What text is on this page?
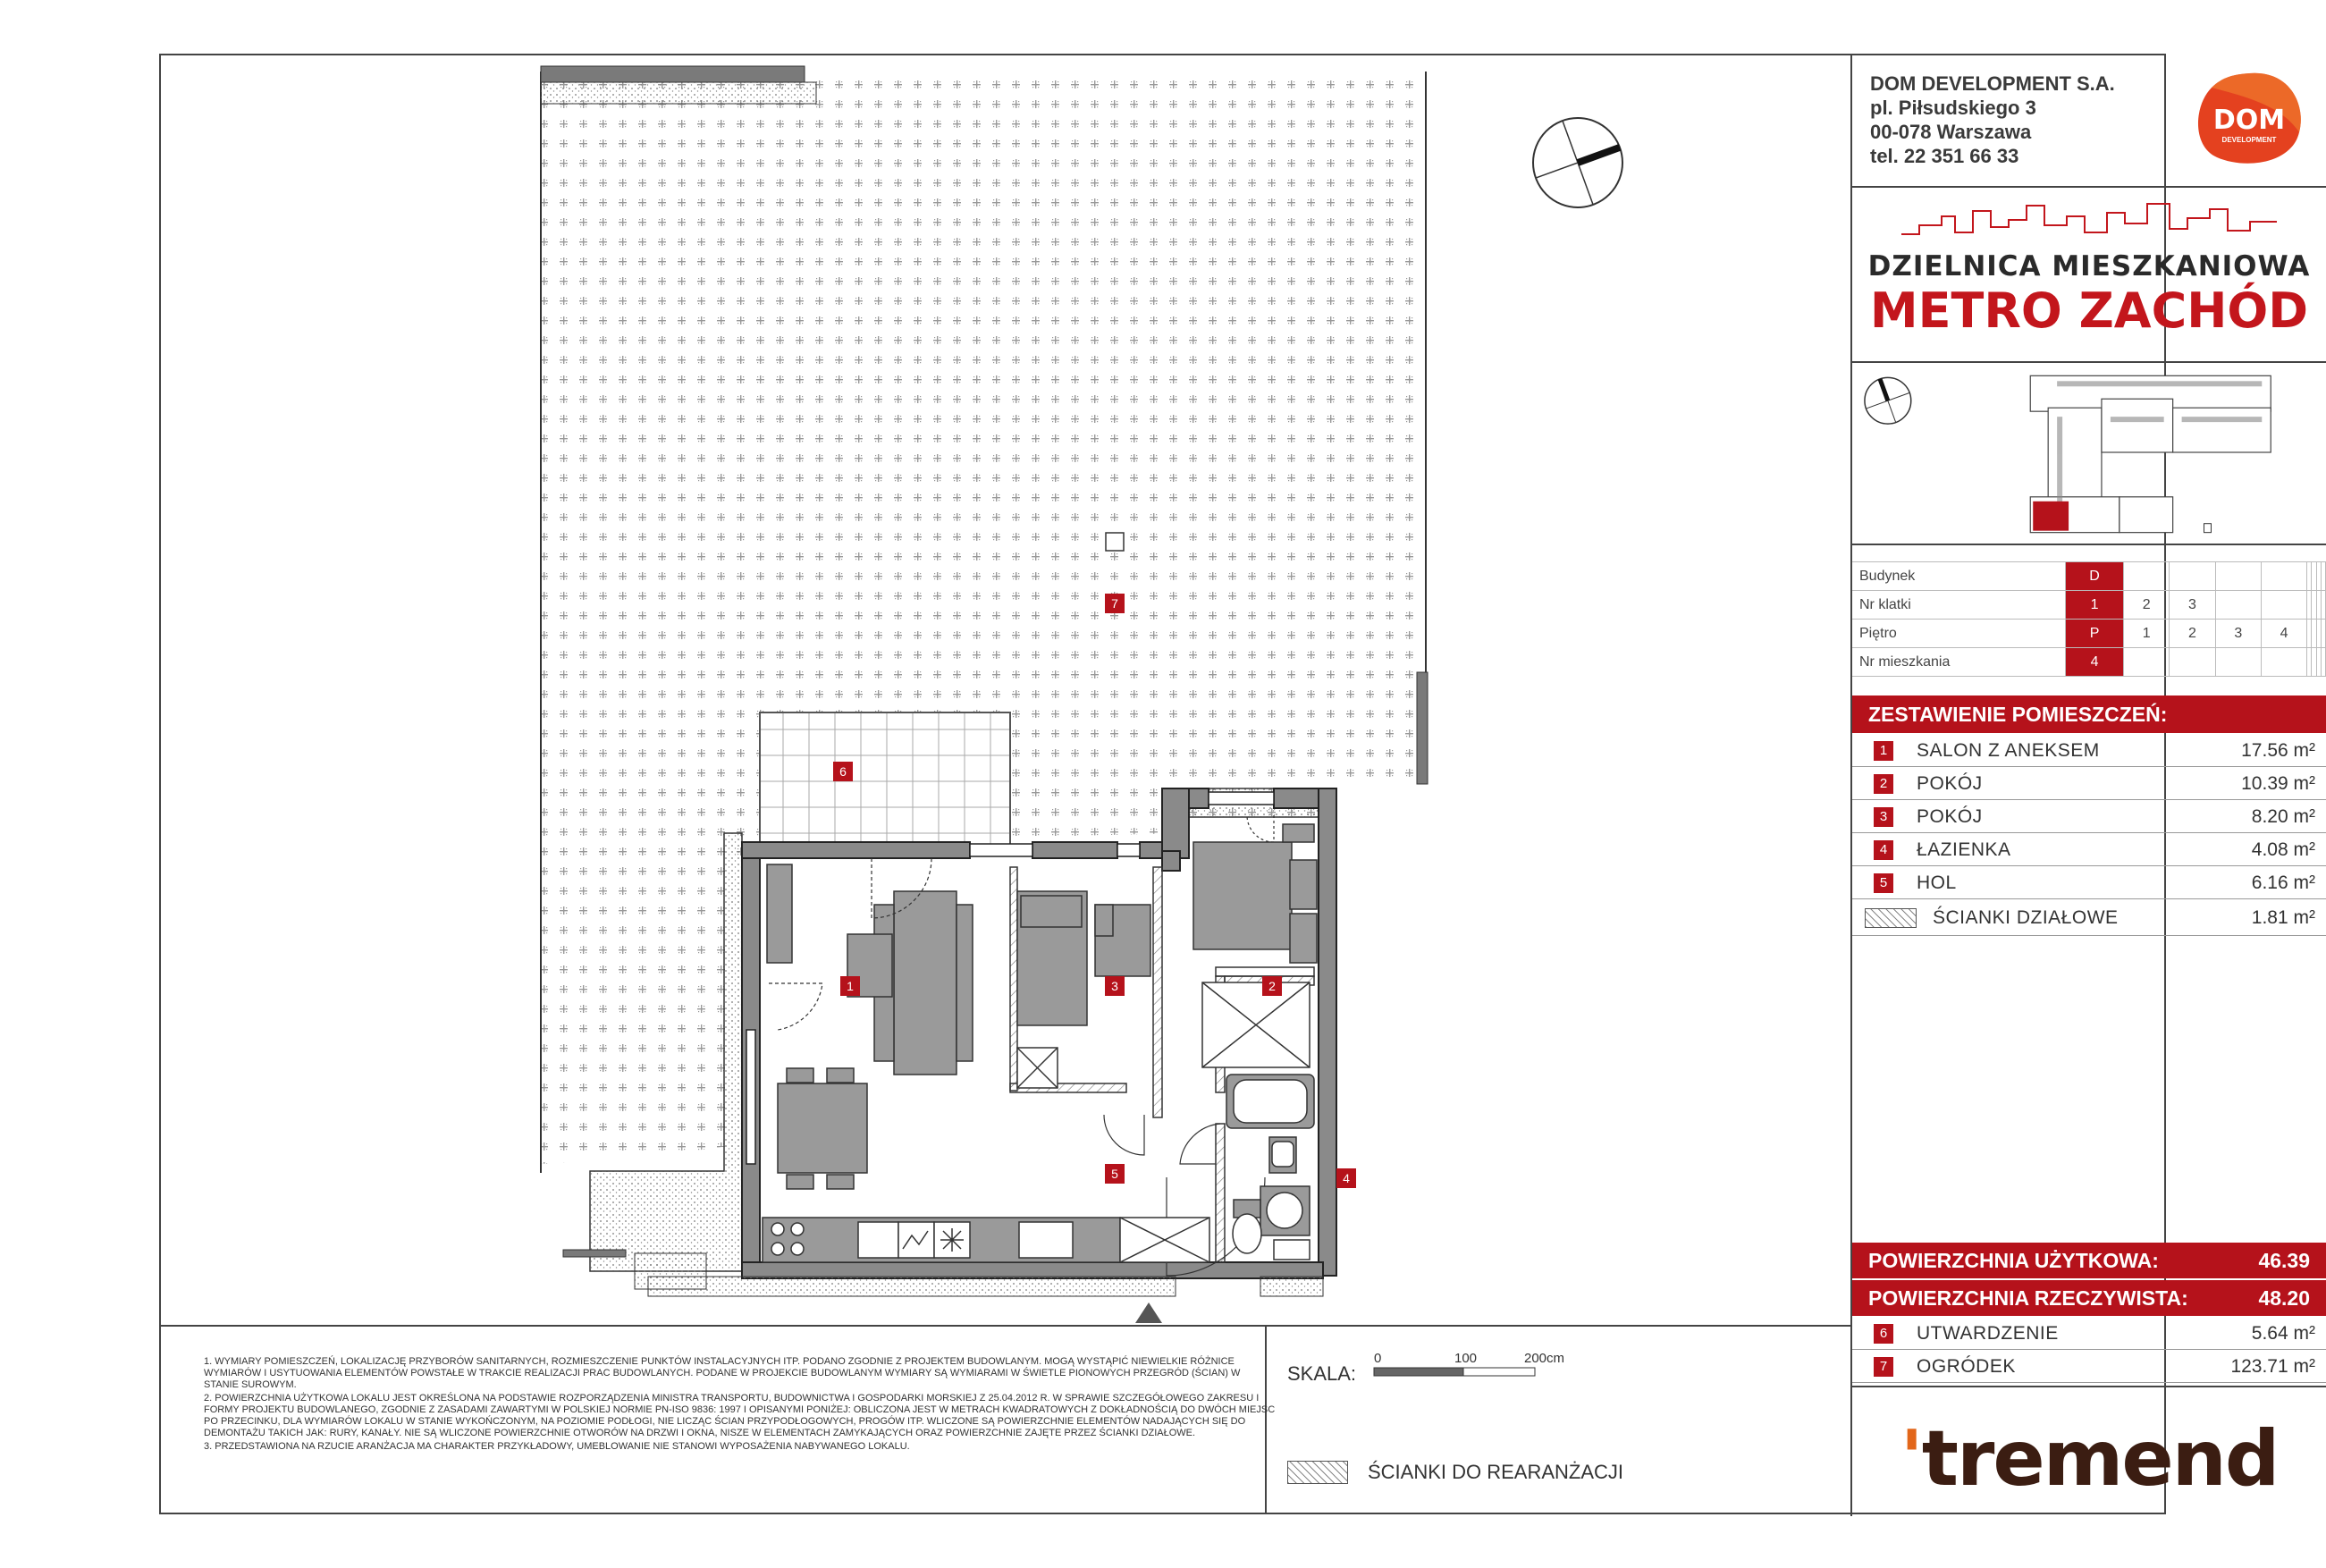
1	2
3
4
5
6
7

1. WYMIARY POMIESZCZEŃ, LOKALIZACJĘ PRZYBORÓW SANITARNYCH, ROZMIESZCZENIE PUNKTÓW INSTALACYJNYCH ITP. PODANO ZGODNIE Z PROJEKTEM BUDOWLANYM. MOGĄ WYSTĄPIĆ NIEWIELKIE RÓŻNICE WYMIARÓW I USYTUOWANIA ELEMENTÓW POWSTAŁE W TRAKCIE REALIZACJI PRAC BUDOWLANYCH. PODANE W PROJEKCIE BUDOWLANYM WYMIARY SĄ WYMIARAMI W ŚWIETLE PIONOWYCH PRZEGRÓD (ŚCIAN) W STANIE SUROWYM.

2. POWIERZCHNIA UŻYTKOWA LOKALU JEST OKREŚLONA NA PODSTAWIE ROZPORZĄDZENIA MINISTRA TRANSPORTU, BUDOWNICTWA I GOSPODARKI MORSKIEJ Z 25.04.2012 R. W SPRAWIE SZCZEGÓŁOWEGO ZAKRESU I FORMY PROJEKTU BUDOWLANEGO, ZGODNIE Z ZASADAMI ZAWARTYMI W POLSKIEJ NORMIE PN-ISO 9836: 1997 I OPISANYMI PONIŻEJ: OBLICZONA JEST W METRACH KWADRATOWYCH Z DOKŁADNOŚCIĄ DO DWÓCH MIEJSC PO PRZECINKU, DLA WYMIARÓW LOKALU W STANIE WYKOŃCZONYM, NA POZIOMIE PODŁOGI, NIE LICZĄC ŚCIAN PRZYPODŁOGOWYCH, PROGÓW ITP. WLICZONE SĄ POWIERZCHNIE ELEMENTÓW NADAJĄCYCH SIĘ DO DEMONTAŻU TAKICH JAK: RURY, KANAŁY. NIE SĄ WLICZONE POWIERZCHNIE OTWORÓW NA DRZWI I OKNA, NISZE W ELEMENTACH ZAMYKAJĄCYCH ORAZ POWIERZCHNIE ZAJĘTE PRZEZ ŚCIANKI DZIAŁOWE.

3. PRZEDSTAWIONA NA RZUCIE ARANŻACJA MA CHARAKTER PRZYKŁADOWY, UMEBLOWANIE NIE STANOWI WYPOSAŻENIA NABYWANEGO LOKALU.

SKALA:
0	100	200cm
ŚCIANKI DO REARANŻACJI
DOM DEVELOPMENT S.A.
pl. Piłsudskiego 3
00-078 Warszawa
tel. 22 351 66 33
DOM
DEVELOPMENT
DZIELNICA MIESZKANIOWA
METRO ZACHÓD
Budynek	D								
Nr klatki	1	2	3						
Piętro	P	1	2	3	4				
Nr mieszkania	4								
ZESTAWIENIE POMIESZCZEŃ:
1	SALON Z ANEKSEM	17.56 m²
2	POKÓJ	10.39 m²
3	POKÓJ	8.20 m²
4	ŁAZIENKA	4.08 m²
5	HOL	6.16 m²
ŚCIANKI DZIAŁOWE	1.81 m²
POWIERZCHNIA UŻYTKOWA:	46.39
POWIERZCHNIA RZECZYWISTA:	48.20
6	UTWARDZENIE	5.64 m²
7	OGRÓDEK	123.71 m²
'tremend
